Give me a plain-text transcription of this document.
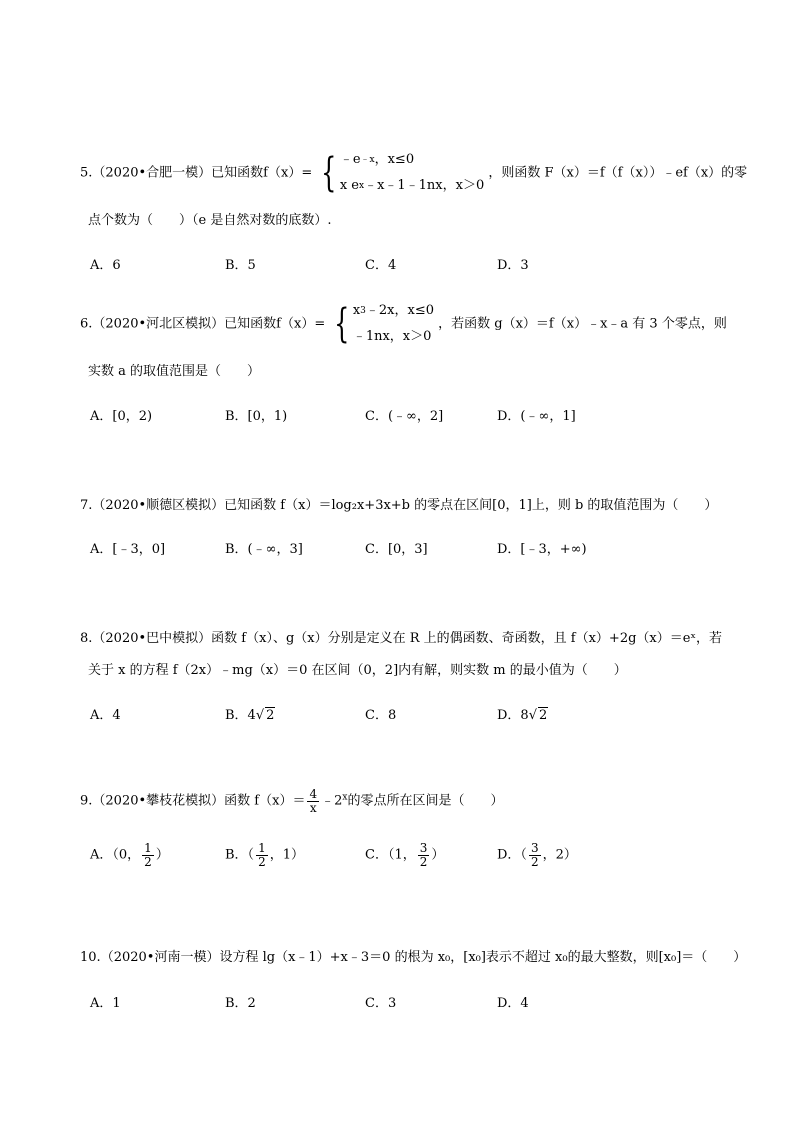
5.（2020•合肥一模）已知函数f（x）= { ﹣e ﹣x ，x≤0
x e x ﹣x﹣1﹣1nx，x＞0
，则函数 F（x）＝f（f（x））﹣ef（x）的零
点个数为（　　）（e 是自然对数的底数）.
A．6	B．5	C．4	D．3
6.（2020•河北区模拟）已知函数f（x）= { x 3 ﹣2x，x≤0
﹣1nx，x＞0
，若函数 g（x）＝f（x）﹣x﹣a 有 3 个零点，则
实数 a 的取值范围是（　　）
A．[0，2)	B．[0，1)	C．(﹣∞，2]	D．(﹣∞，1]
7.（2020•顺德区模拟）已知函数 f（x）＝log₂x+3x+b 的零点在区间[0，1]上，则 b 的取值范围为（　　）
A．[﹣3，0]	B．(﹣∞，3]	C．[0，3]	D．[﹣3，+∞)
8.（2020•巴中模拟）函数 f（x）、g（x）分别是定义在 R 上的偶函数、奇函数，且 f（x）+2g（x）＝eˣ，若
关于 x 的方程 f（2x）﹣mg（x）＝0 在区间（0，2]内有解，则实数 m 的最小值为（　　）
A．4	B．4√ 2	C．8	D．8√ 2
9.（2020•攀枝花模拟）函数 $f(x)= \frac{4}{x}$ ﹣2$^x$的零点所在区间是（　　）
A．（0， $\frac{1}{2}$ ）	B．（ $\frac{1}{2}$ ，1）	C．（1， $\frac{3}{2}$ ）	D．（ $\frac{3}{2}$ ，2）
10.（2020•河南一模）设方程 lg（x﹣1）+x﹣3＝0 的根为 x₀，[x₀]表示不超过 x₀的最大整数，则[x₀]＝（　　）
A．1	B．2	C．3	D．4
